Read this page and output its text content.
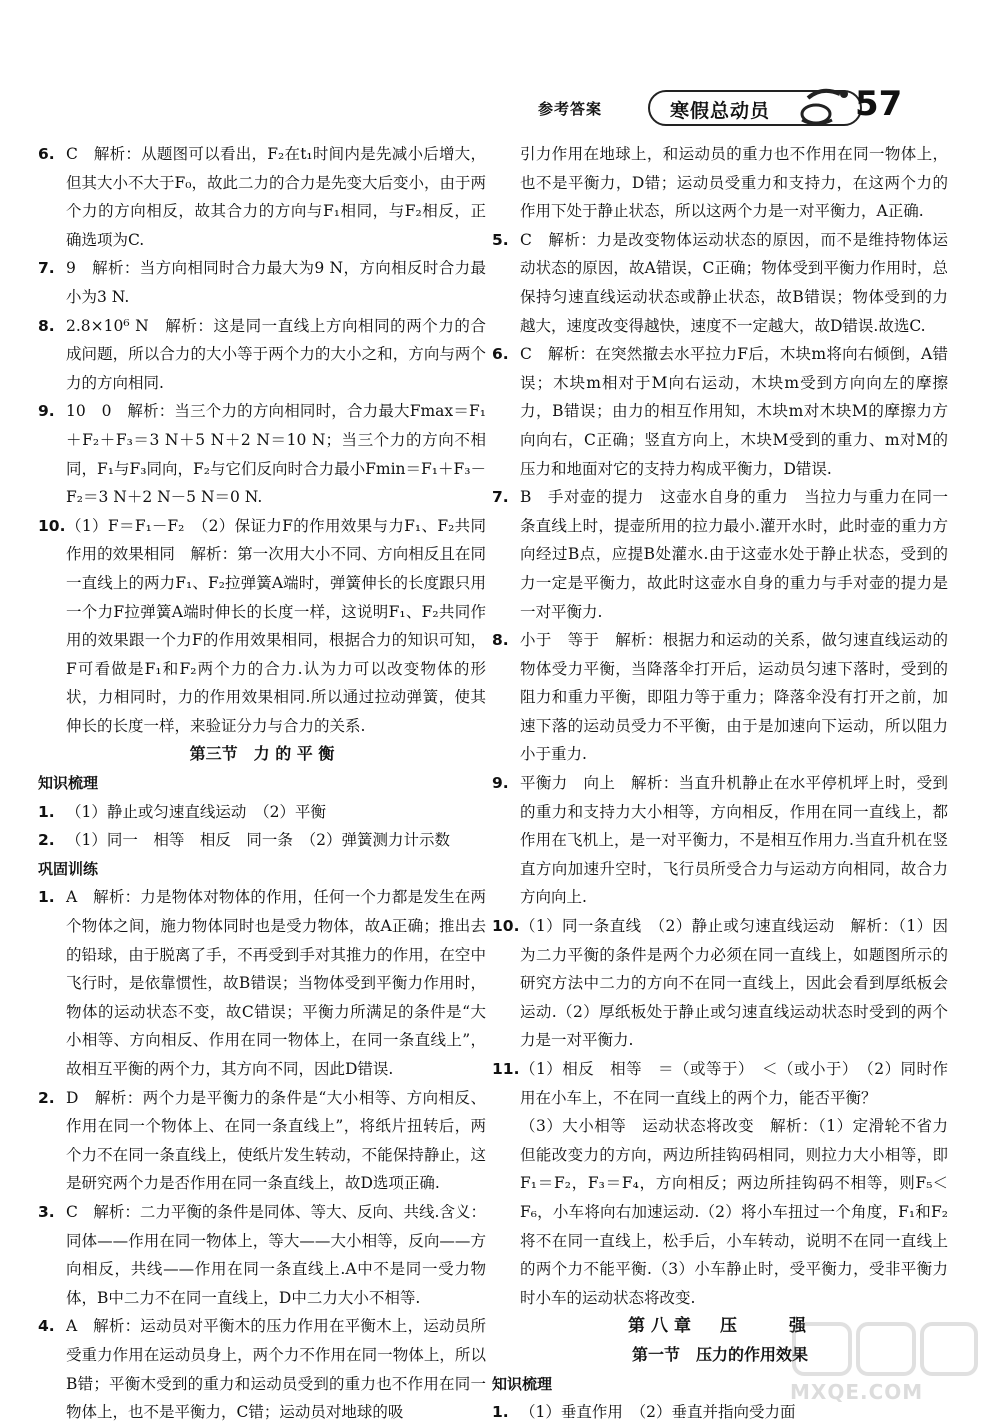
参考答案	寒假总动员 57
6. C　解析：从题图可以看出，F₂在t₁时间内是先减小后增大，但其大小不大于F₀，故此二力的合力是先变大后变小，由于两个力的方向相反，故其合力的方向与F₁相同，与F₂相反，正确选项为C.
7. 9　解析：当方向相同时合力最大为9 N，方向相反时合力最小为3 N.
8. 2.8×10⁶ N　解析：这是同一直线上方向相同的两个力的合成问题，所以合力的大小等于两个力的大小之和，方向与两个力的方向相同.
9. 10　0　解析：当三个力的方向相同时，合力最大Fmax＝F₁＋F₂＋F₃＝3 N＋5 N＋2 N＝10 N；当三个力的方向不相同，F₁与F₃同向，F₂与它们反向时合力最小Fmin＝F₁＋F₃－F₂＝3 N＋2 N－5 N＝0 N.
10. （1）F＝F₁－F₂　（2）保证力F的作用效果与力F₁、F₂共同作用的效果相同　解析：第一次用大小不同、方向相反且在同一直线上的两力F₁、F₂拉弹簧A端时，弹簧伸长的长度跟只用一个力F拉弹簧A端时伸长的长度一样，这说明F₁、F₂共同作用的效果跟一个力F的作用效果相同，根据合力的知识可知，F可看做是F₁和F₂两个力的合力.认为力可以改变物体的形状，力相同时，力的作用效果相同.所以通过拉动弹簧，使其伸长的长度一样，来验证分力与合力的关系.

第三节　力 的 平 衡

知识梳理

1. （1）静止或匀速直线运动　（2）平衡
2. （1）同一　相等　相反　同一条　（2）弹簧测力计示数

巩固训练

1. A　解析：力是物体对物体的作用，任何一个力都是发生在两个物体之间，施力物体同时也是受力物体，故A正确；推出去的铅球，由于脱离了手，不再受到手对其推力的作用，在空中飞行时，是依靠惯性，故B错误；当物体受到平衡力作用时，物体的运动状态不变，故C错误；平衡力所满足的条件是“大小相等、方向相反、作用在同一物体上，在同一条直线上”，故相互平衡的两个力，其方向不同，因此D错误.
2. D　解析：两个力是平衡力的条件是“大小相等、方向相反、作用在同一个物体上、在同一条直线上”，将纸片扭转后，两个力不在同一条直线上，使纸片发生转动，不能保持静止，这是研究两个力是否作用在同一条直线上，故D选项正确.
3. C　解析：二力平衡的条件是同体、等大、反向、共线.含义：同体——作用在同一物体上，等大——大小相等，反向——方向相反，共线——作用在同一条直线上.A中不是同一受力物体，B中二力不在同一直线上，D中二力大小不相等.
4. A　解析：运动员对平衡木的压力作用在平衡木上，运动员所受重力作用在运动员身上，两个力不作用在同一物体上，所以B错；平衡木受到的重力和运动员受到的重力也不作用在同一物体上，也不是平衡力，C错；运动员对地球的吸

引力作用在地球上，和运动员的重力也不作用在同一物体上，也不是平衡力，D错；运动员受重力和支持力，在这两个力的作用下处于静止状态，所以这两个力是一对平衡力，A正确.

5. C　解析：力是改变物体运动状态的原因，而不是维持物体运动状态的原因，故A错误，C正确；物体受到平衡力作用时，总保持匀速直线运动状态或静止状态，故B错误；物体受到的力越大，速度改变得越快，速度不一定越大，故D错误.故选C.
6. C　解析：在突然撤去水平拉力F后，木块m将向右倾倒，A错误；木块m相对于M向右运动，木块m受到方向向左的摩擦力，B错误；由力的相互作用知，木块m对木块M的摩擦力方向向右，C正确；竖直方向上，木块M受到的重力、m对M的压力和地面对它的支持力构成平衡力，D错误.
7. B　手对壶的提力　这壶水自身的重力　当拉力与重力在同一条直线上时，提壶所用的拉力最小.灌开水时，此时壶的重力方向经过B点，应提B处灌水.由于这壶水处于静止状态，受到的力一定是平衡力，故此时这壶水自身的重力与手对壶的提力是一对平衡力.
8. 小于　等于　解析：根据力和运动的关系，做匀速直线运动的物体受力平衡，当降落伞打开后，运动员匀速下落时，受到的阻力和重力平衡，即阻力等于重力；降落伞没有打开之前，加速下落的运动员受力不平衡，由于是加速向下运动，所以阻力小于重力.
9. 平衡力　向上　解析：当直升机静止在水平停机坪上时，受到的重力和支持力大小相等，方向相反，作用在同一直线上，都作用在飞机上，是一对平衡力，不是相互作用力.当直升机在竖直方向加速升空时，飞行员所受合力与运动方向相同，故合力方向向上.
10. （1）同一条直线　（2）静止或匀速直线运动　解析：（1）因为二力平衡的条件是两个力必须在同一直线上，如题图所示的研究方法中二力的方向不在同一直线上，因此会看到厚纸板会运动.（2）厚纸板处于静止或匀速直线运动状态时受到的两个力是一对平衡力.
11. （1）相反　相等　＝（或等于）　＜（或小于）　（2）同时作用在小车上，不在同一直线上的两个力，能否平衡？

（3）大小相等　运动状态将改变　解析：（1）定滑轮不省力但能改变力的方向，两边所挂钩码相同，则拉力大小相等，即F₁＝F₂，F₃＝F₄，方向相反；两边所挂钩码不相等，则F₅＜F₆，小车将向右加速运动.（2）将小车扭过一个角度，F₁和F₂将不在同一直线上，松手后，小车转动，说明不在同一直线上的两个力不能平衡.（3）小车静止时，受平衡力，受非平衡力时小车的运动状态将改变.

第八章　压　　强

第一节　压力的作用效果

知识梳理

1. （1）垂直作用　（2）垂直并指向受力面
MXQE.COM
